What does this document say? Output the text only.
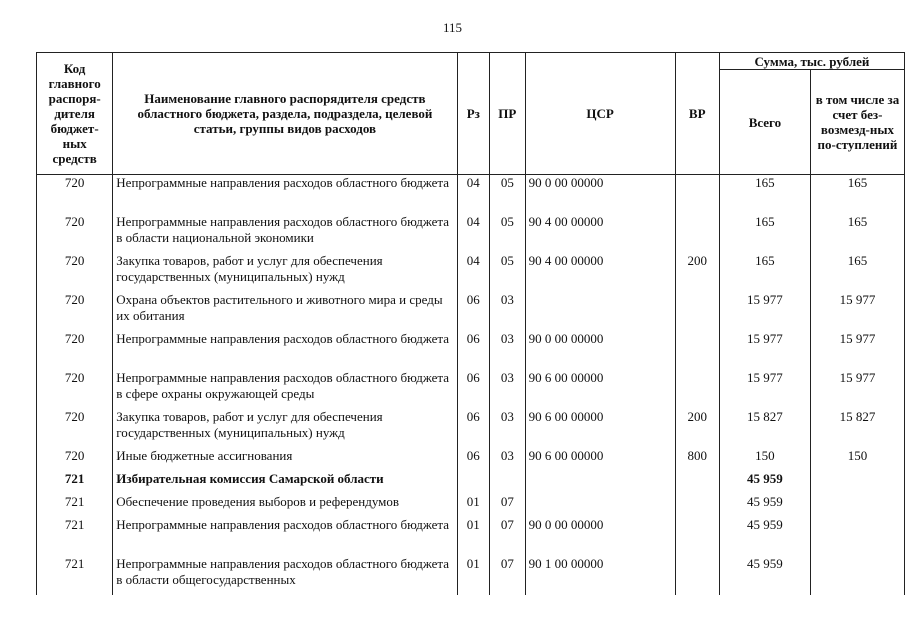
115
Код главного распоря-дителя бюджет-ных средств	Наименование главного распорядителя средств областного бюджета, раздела, подраздела, целевой статьи, группы видов расходов	Рз	ПР	ЦСР	ВР	Сумма, тыс. рублей	
						Всего	в том числе за счет без-возмезд-ных по-ступлений
720	Непрограммные направления расходов областного бюджета	04	05	90 0 00 00000		165	165
720	Непрограммные направления расходов областного бюджета в области национальной экономики	04	05	90 4 00 00000		165	165
720	Закупка товаров, работ и услуг для обеспечения государственных (муниципальных) нужд	04	05	90 4 00 00000	200	165	165
720	Охрана объектов растительного и животного мира и среды их обитания	06	03			15 977	15 977
720	Непрограммные направления расходов областного бюджета	06	03	90 0 00 00000		15 977	15 977
720	Непрограммные направления расходов областного бюджета в сфере охраны окружающей среды	06	03	90 6 00 00000		15 977	15 977
720	Закупка товаров, работ и услуг для обеспечения государственных (муниципальных) нужд	06	03	90 6 00 00000	200	15 827	15 827
720	Иные бюджетные ассигнования	06	03	90 6 00 00000	800	150	150
721	Избирательная комиссия Самарской области					45 959	
721	Обеспечение проведения выборов и референдумов	01	07			45 959	
721	Непрограммные направления расходов областного бюджета	01	07	90 0 00 00000		45 959	
721	Непрограммные направления расходов областного бюджета в области общегосударственных	01	07	90 1 00 00000		45 959	
